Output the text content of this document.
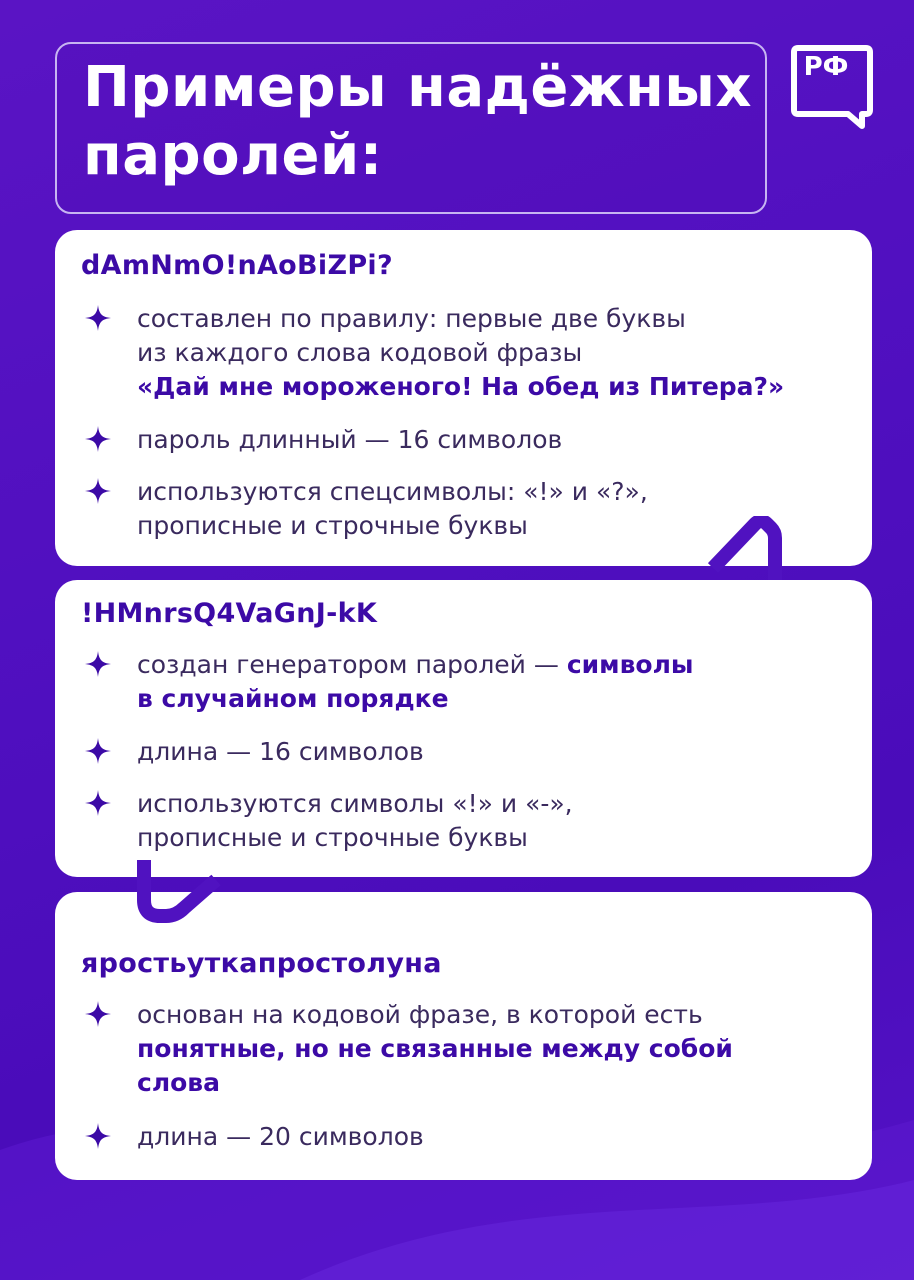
Примеры надёжных
паролей:
РФ

dAmNmO!nAoBiZPi?

составлен по правилу: первые две буквы
из каждого слова кодовой фразы
«Дай мне мороженого! На обед из Питера?»
пароль длинный — 16 символов
используются спецсимволы: «!» и «?»,
прописные и строчные буквы

!HMnrsQ4VaGnJ-kK

создан генератором паролей — символы
в случайном порядке
длина — 16 символов
используются символы «!» и «-»,
прописные и строчные буквы

яростьуткапростолуна

основан на кодовой фразе, в которой есть
понятные, но не связанные между собой
слова
длина — 20 символов
